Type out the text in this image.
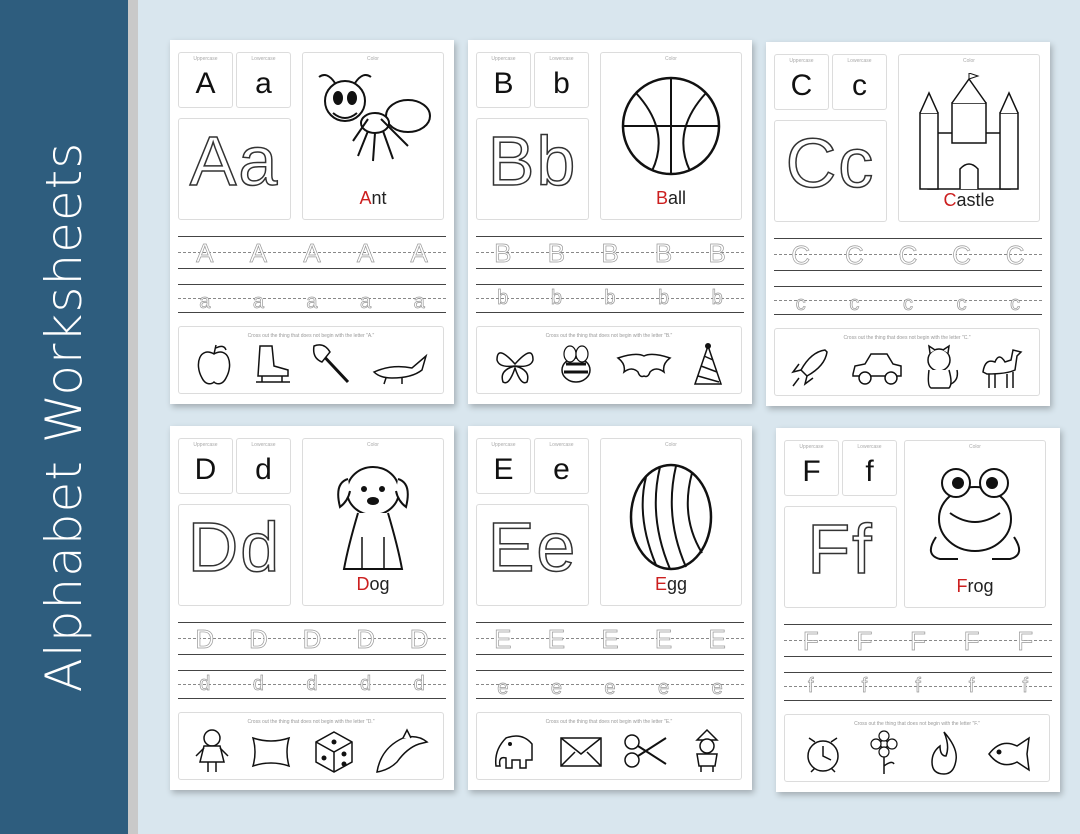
Alphabet Worksheets
Uppercase
A
Lowercase
a
Aa
Color
Ant
A	A	A	A	A
a	a	a	a	a
Cross out the thing that does not begin with the letter "A."
Uppercase
B
Lowercase
b
Bb
Color
Ball
B	B	B	B	B
b	b	b	b	b
Cross out the thing that does not begin with the letter "B."
Uppercase
C
Lowercase
c
Cc
Color
Castle
C	C	C	C	C
c	c	c	c	c
Cross out the thing that does not begin with the letter "C."
Uppercase
D
Lowercase
d
Dd
Color
Dog
D	D	D	D	D
d	d	d	d	d
Cross out the thing that does not begin with the letter "D."
Uppercase
E
Lowercase
e
Ee
Color
Egg
E	E	E	E	E
e	e	e	e	e
Cross out the thing that does not begin with the letter "E."
Uppercase
F
Lowercase
f
Ff
Color
Frog
F	F	F	F	F
f	f	f	f	f
Cross out the thing that does not begin with the letter "F."
